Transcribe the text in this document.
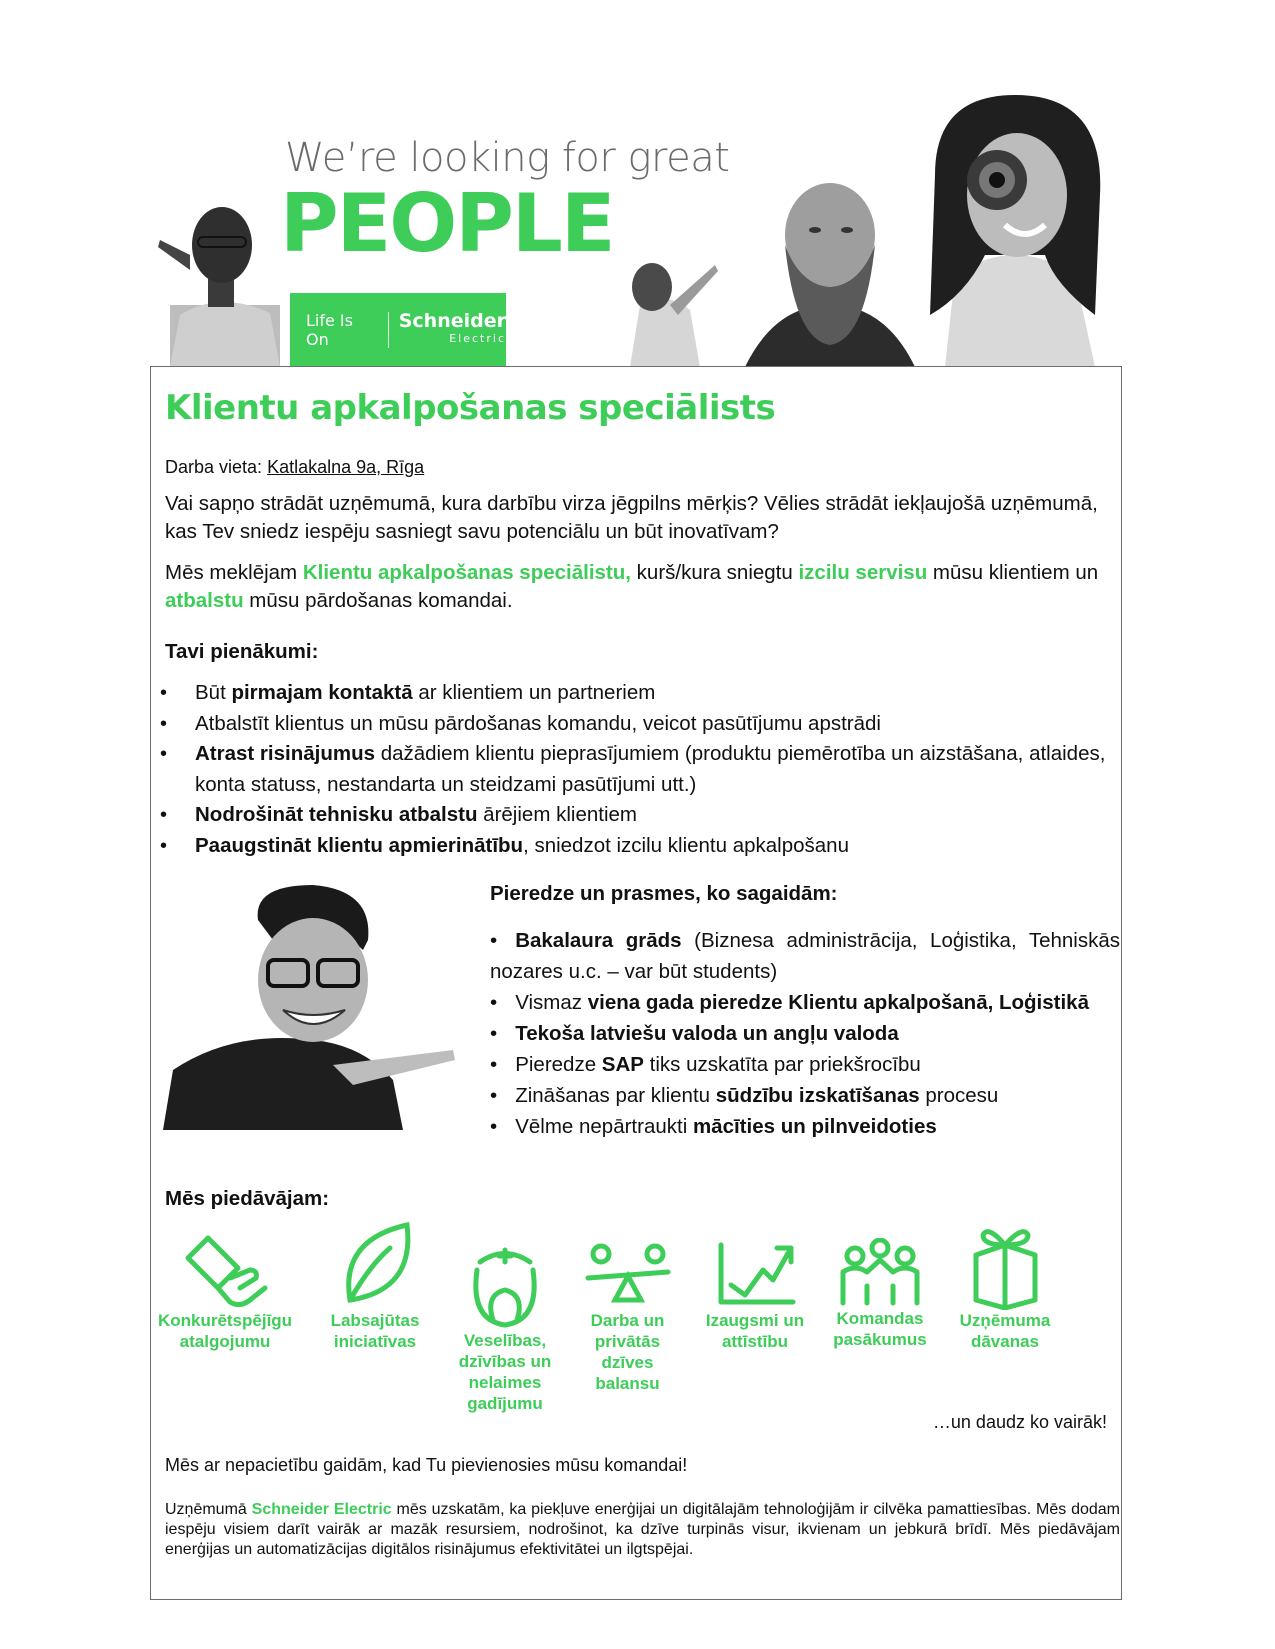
We’re looking for great
PEOPLE
Life Is On
Schneider
Electric
Klientu apkalpošanas speciālists
Darba vieta: Katlakalna 9a, Rīga
Vai sapņo strādāt uzņēmumā, kura darbību virza jēgpilns mērķis? Vēlies strādāt iekļaujošā uzņēmumā, kas Tev sniedz iespēju sasniegt savu potenciālu un būt inovatīvam?
Mēs meklējam Klientu apkalpošanas speciālistu, kurš/kura sniegtu izcilu servisu mūsu klientiem un atbalstu mūsu pārdošanas komandai.
Tavi pienākumi:
• Būt pirmajam kontaktā ar klientiem un partneriem
• Atbalstīt klientus un mūsu pārdošanas komandu, veicot pasūtījumu apstrādi
• Atrast risinājumus dažādiem klientu pieprasījumiem (produktu piemērotība un aizstāšana, atlaides, konta statuss, nestandarta un steidzami pasūtījumi utt.)
• Nodrošināt tehnisku atbalstu ārējiem klientiem
• Paaugstināt klientu apmierinātību, sniedzot izcilu klientu apkalpošanu
Pieredze un prasmes, ko sagaidām:
• Bakalaura grāds (Biznesa administrācija, Loģistika, Tehniskās nozares u.c. – var būt students)
• Vismaz viena gada pieredze Klientu apkalpošanā, Loģistikā
• Tekoša latviešu valoda un angļu valoda
• Pieredze SAP tiks uzskatīta par priekšrocību
• Zināšanas par klientu sūdzību izskatīšanas procesu
• Vēlme nepārtraukti mācīties un pilnveidoties
Mēs piedāvājam:
Konkurētspējīgu atalgojumu
Labsajūtas iniciatīvas	Veselības, dzīvības un nelaimes gadījumu
Darba un privātās dzīves balansu
Izaugsmi un attīstību
Komandas pasākumus
Uzņēmuma dāvanas
…un daudz ko vairāk!
Mēs ar nepacietību gaidām, kad Tu pievienosies mūsu komandai!
Uzņēmumā Schneider Electric mēs uzskatām, ka piekļuve enerģijai un digitālajām tehnoloģijām ir cilvēka pamattiesības. Mēs dodam iespēju visiem darīt vairāk ar mazāk resursiem, nodrošinot, ka dzīve turpinās visur, ikvienam un jebkurā brīdī. Mēs piedāvājam enerģijas un automatizācijas digitālos risinājumus efektivitātei un ilgtspējai.
